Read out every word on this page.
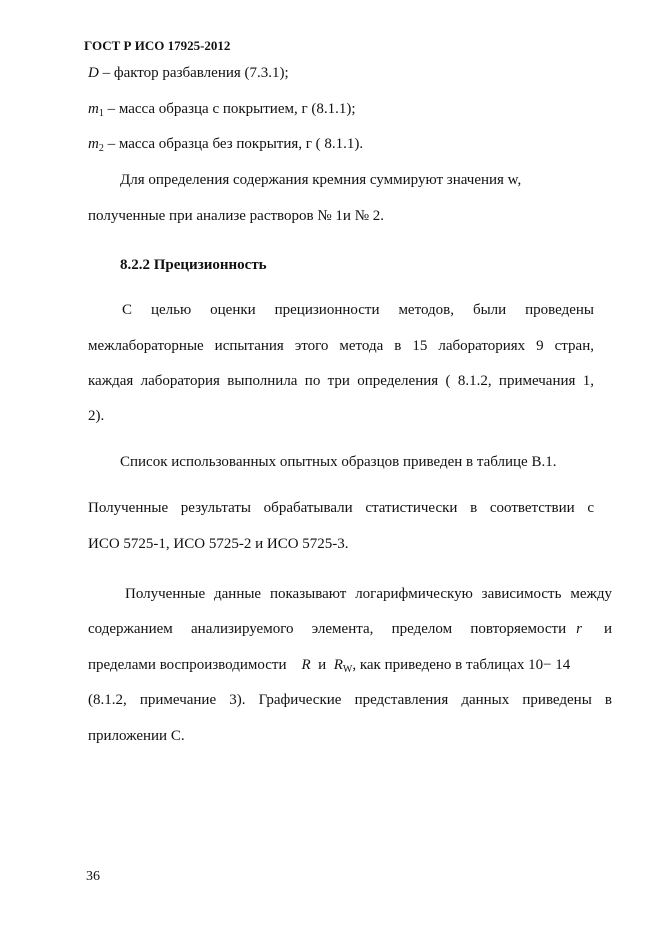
ГОСТ Р ИСО 17925-2012
D – фактор разбавления (7.3.1);
$m_1$ – масса образца с покрытием, г (8.1.1);
$m_2$ – масса образца без покрытия, г ( 8.1.1).
Для определения содержания кремния суммируют значения w,
полученные при анализе растворов № 1и № 2.
8.2.2 Прецизионность
С целью оценки прецизионности методов, были проведены
межлабораторные испытания этого метода в 15 лабораториях 9 стран,
каждая лаборатория выполнила по три определения ( 8.1.2, примечания 1,
2).
Список использованных опытных образцов приведен в таблице В.1.
Полученные результаты обрабатывали статистически в соответствии с
ИСО 5725-1, ИСО 5725-2 и ИСО 5725-3.
Полученные данные показывают логарифмическую зависимость между
содержанием анализируемого элемента, пределом повторяемости r и
пределами воспроизводимости R и $R_W$, как приведено в таблицах 10− 14
(8.1.2, примечание 3). Графические представления данных приведены в
приложении С.
36
